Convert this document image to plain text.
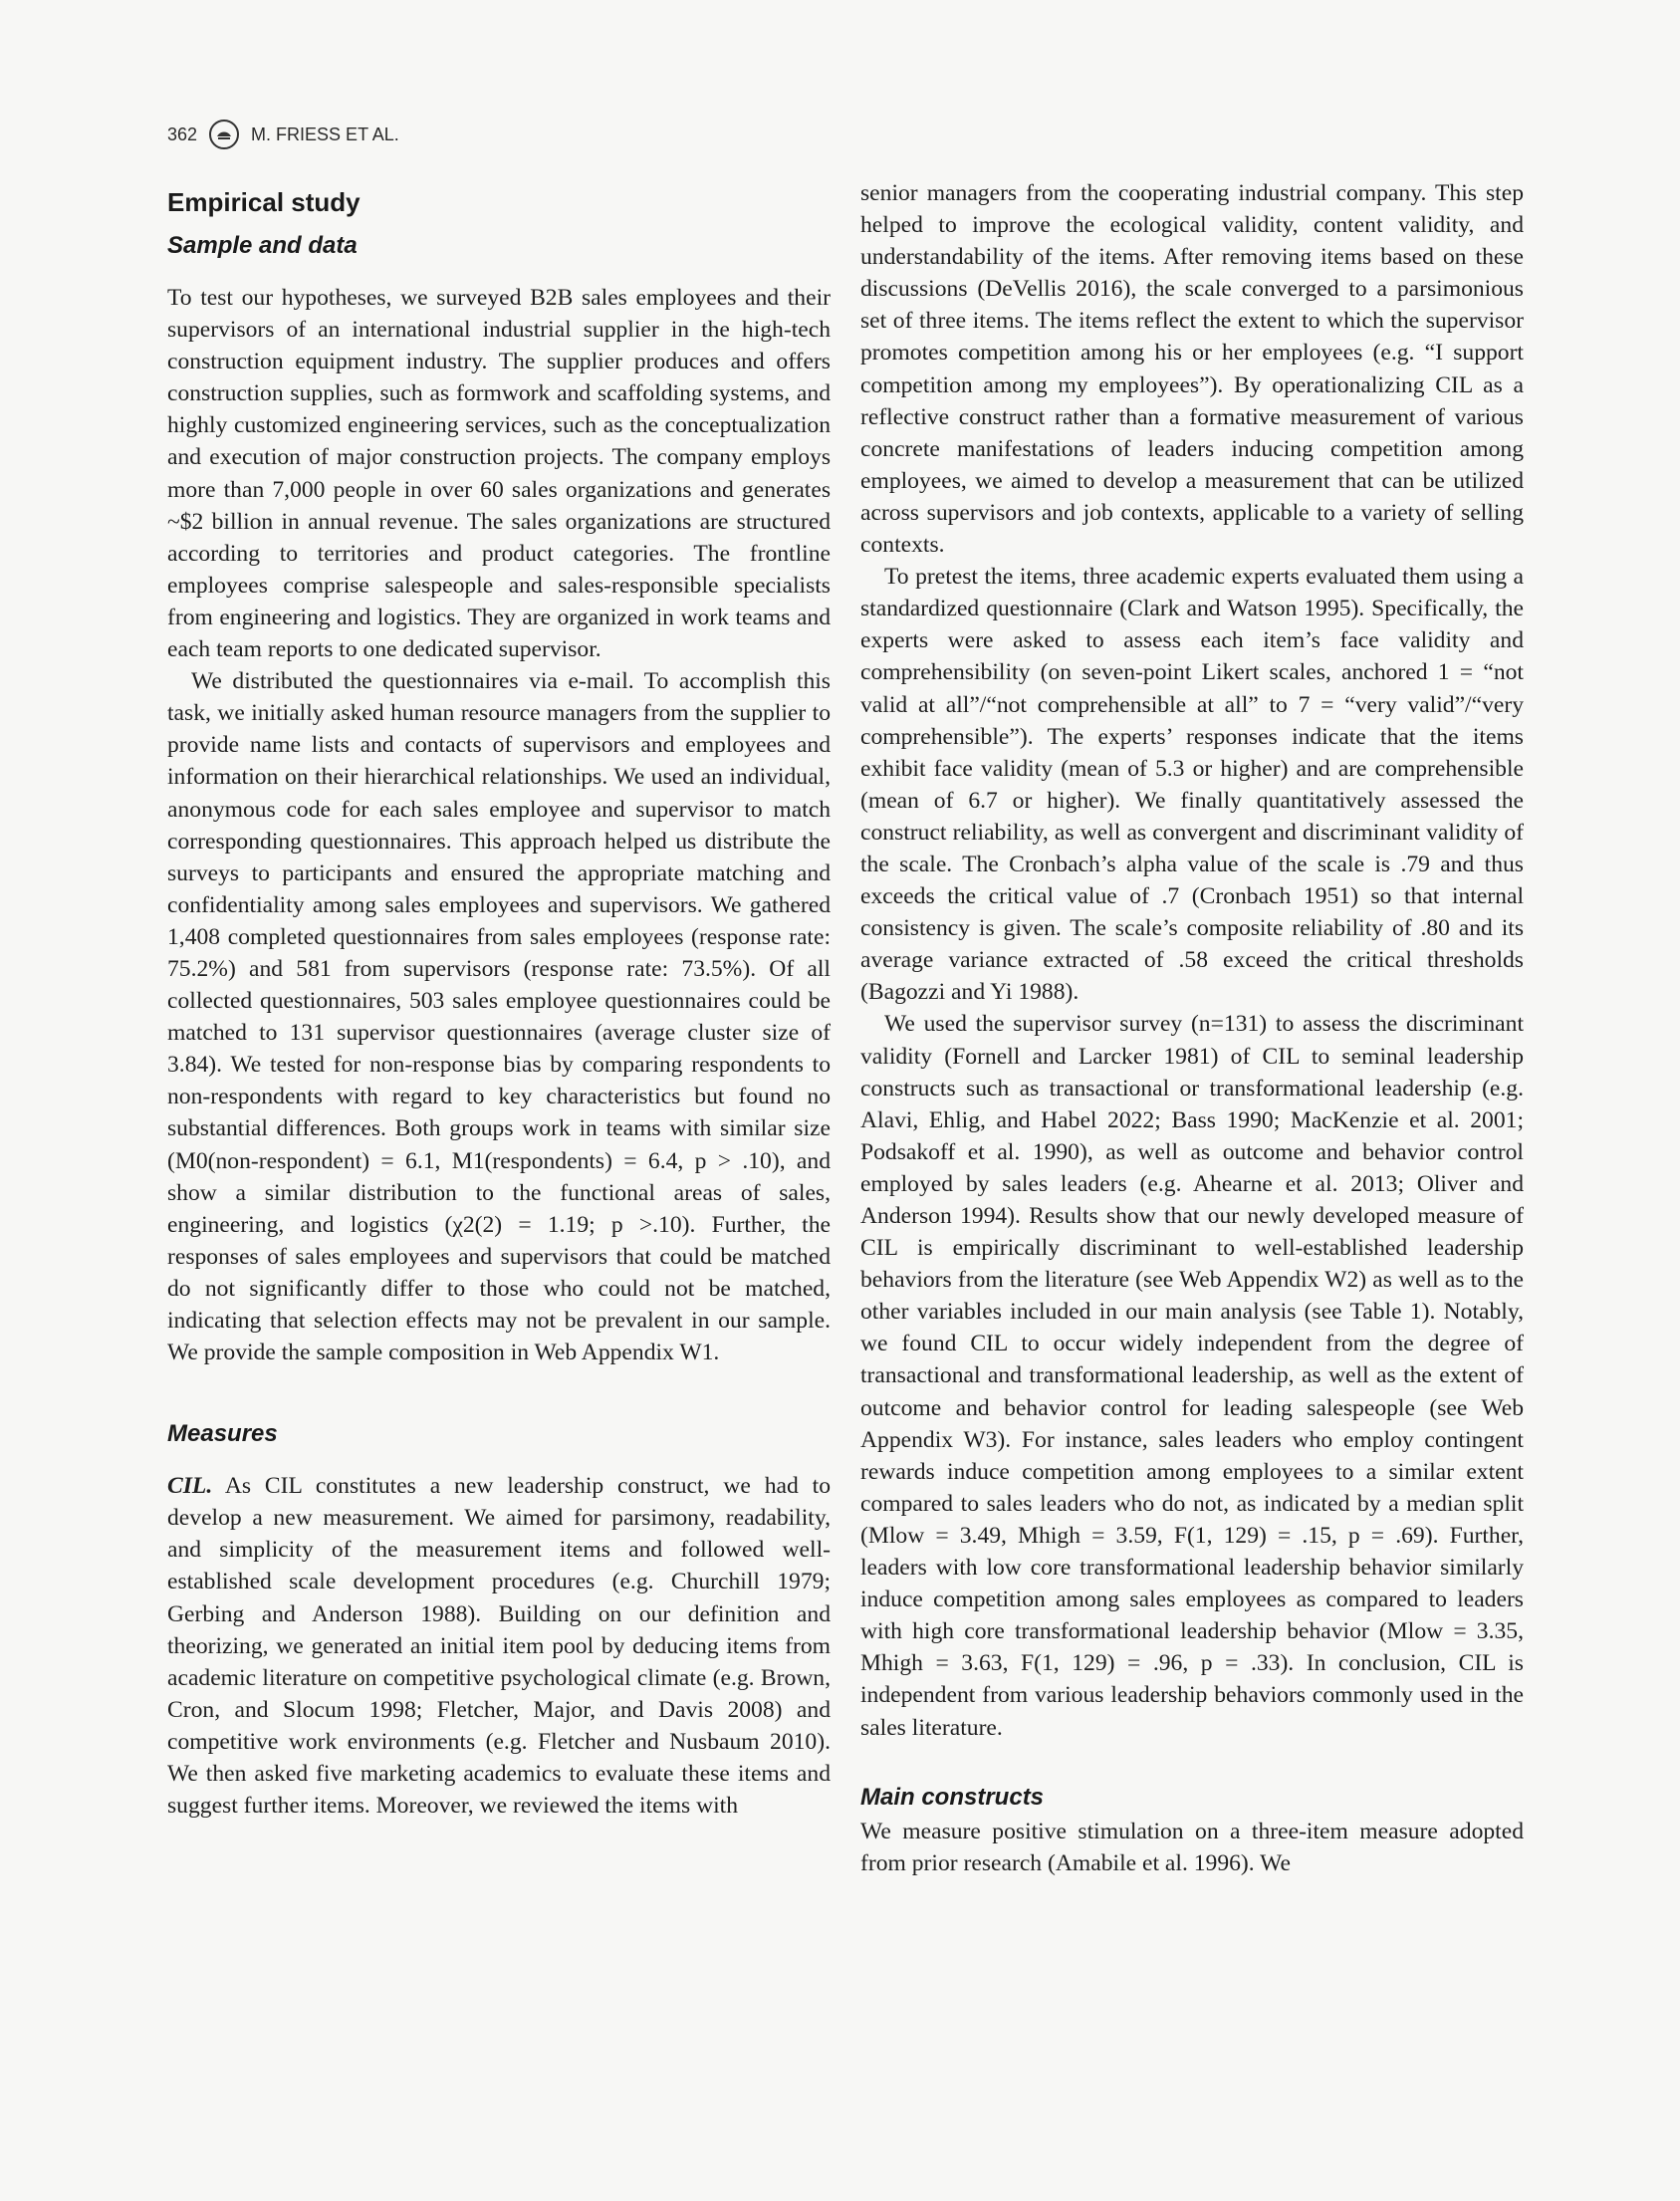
362	M. FRIESS ET AL.
Empirical study
Sample and data

To test our hypotheses, we surveyed B2B sales employees and their supervisors of an international industrial supplier in the high-tech construction equipment industry. The supplier produces and offers construction supplies, such as formwork and scaffolding systems, and highly customized engineering services, such as the conceptualization and execution of major construction projects. The company employs more than 7,000 people in over 60 sales organizations and generates ~$2 billion in annual revenue. The sales organizations are structured according to territories and product categories. The frontline employees comprise salespeople and sales-responsible specialists from engineering and logistics. They are organized in work teams and each team reports to one dedicated supervisor.

We distributed the questionnaires via e-mail. To accomplish this task, we initially asked human resource managers from the supplier to provide name lists and contacts of supervisors and employees and information on their hierarchical relationships. We used an individual, anonymous code for each sales employee and supervisor to match corresponding questionnaires. This approach helped us distribute the surveys to participants and ensured the appropriate matching and confidentiality among sales employees and supervisors. We gathered 1,408 completed questionnaires from sales employees (response rate: 75.2%) and 581 from supervisors (response rate: 73.5%). Of all collected questionnaires, 503 sales employee questionnaires could be matched to 131 supervisor questionnaires (average cluster size of 3.84). We tested for non-response bias by comparing respondents to non-respondents with regard to key characteristics but found no substantial differences. Both groups work in teams with similar size (M0(non-respondent) = 6.1, M1(respondents) = 6.4, p > .10), and show a similar distribution to the functional areas of sales, engineering, and logistics (χ2(2) = 1.19; p >.10). Further, the responses of sales employees and supervisors that could be matched do not significantly differ to those who could not be matched, indicating that selection effects may not be prevalent in our sample. We provide the sample composition in Web Appendix W1.

Measures

CIL. As CIL constitutes a new leadership construct, we had to develop a new measurement. We aimed for parsimony, readability, and simplicity of the measurement items and followed well-established scale development procedures (e.g. Churchill 1979; Gerbing and Anderson 1988). Building on our definition and theorizing, we generated an initial item pool by deducing items from academic literature on competitive psychological climate (e.g. Brown, Cron, and Slocum 1998; Fletcher, Major, and Davis 2008) and competitive work environments (e.g. Fletcher and Nusbaum 2010). We then asked five marketing academics to evaluate these items and suggest further items. Moreover, we reviewed the items with

senior managers from the cooperating industrial company. This step helped to improve the ecological validity, content validity, and understandability of the items. After removing items based on these discussions (DeVellis 2016), the scale converged to a parsimonious set of three items. The items reflect the extent to which the supervisor promotes competition among his or her employees (e.g. “I support competition among my employees”). By operationalizing CIL as a reflective construct rather than a formative measurement of various concrete manifestations of leaders inducing competition among employees, we aimed to develop a measurement that can be utilized across supervisors and job contexts, applicable to a variety of selling contexts.

To pretest the items, three academic experts evaluated them using a standardized questionnaire (Clark and Watson 1995). Specifically, the experts were asked to assess each item’s face validity and comprehensibility (on seven-point Likert scales, anchored 1 = “not valid at all”/“not comprehensible at all” to 7 = “very valid”/“very comprehensible”). The experts’ responses indicate that the items exhibit face validity (mean of 5.3 or higher) and are comprehensible (mean of 6.7 or higher). We finally quantitatively assessed the construct reliability, as well as convergent and discriminant validity of the scale. The Cronbach’s alpha value of the scale is .79 and thus exceeds the critical value of .7 (Cronbach 1951) so that internal consistency is given. The scale’s composite reliability of .80 and its average variance extracted of .58 exceed the critical thresholds (Bagozzi and Yi 1988).

We used the supervisor survey (n=131) to assess the discriminant validity (Fornell and Larcker 1981) of CIL to seminal leadership constructs such as transactional or transformational leadership (e.g. Alavi, Ehlig, and Habel 2022; Bass 1990; MacKenzie et al. 2001; Podsakoff et al. 1990), as well as outcome and behavior control employed by sales leaders (e.g. Ahearne et al. 2013; Oliver and Anderson 1994). Results show that our newly developed measure of CIL is empirically discriminant to well-established leadership behaviors from the literature (see Web Appendix W2) as well as to the other variables included in our main analysis (see Table 1). Notably, we found CIL to occur widely independent from the degree of transactional and transformational leadership, as well as the extent of outcome and behavior control for leading salespeople (see Web Appendix W3). For instance, sales leaders who employ contingent rewards induce competition among employees to a similar extent compared to sales leaders who do not, as indicated by a median split (Mlow = 3.49, Mhigh = 3.59, F(1, 129) = .15, p = .69). Further, leaders with low core transformational leadership behavior similarly induce competition among sales employees as compared to leaders with high core transformational leadership behavior (Mlow = 3.35, Mhigh = 3.63, F(1, 129) = .96, p = .33). In conclusion, CIL is independent from various leadership behaviors commonly used in the sales literature.

Main constructs

We measure positive stimulation on a three-item measure adopted from prior research (Amabile et al. 1996). We
